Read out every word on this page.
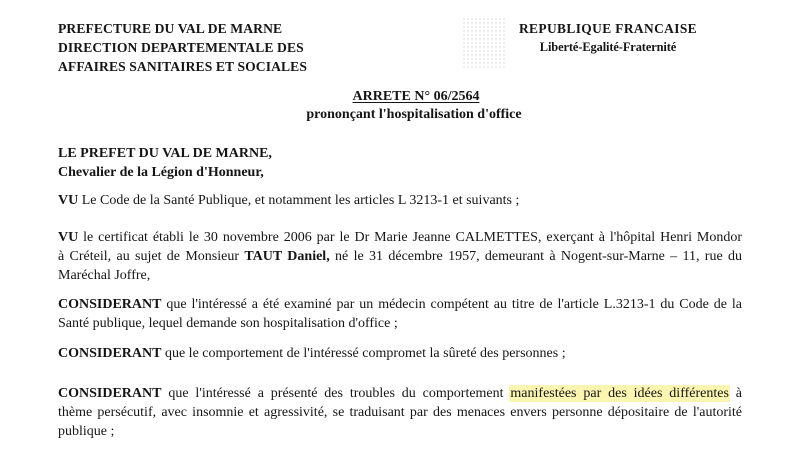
PREFECTURE DU VAL DE MARNE
DIRECTION DEPARTEMENTALE DES
AFFAIRES SANITAIRES ET SOCIALES
REPUBLIQUE FRANCAISE
Liberté-Egalité-Fraternité
ARRETE N° 06/2564
prononçant l'hospitalisation d'office
LE PREFET DU VAL DE MARNE,
Chevalier de la Légion d'Honneur,
VU Le Code de la Santé Publique, et notamment les articles L 3213-1 et suivants ;
VU le certificat établi le 30 novembre 2006 par le Dr Marie Jeanne CALMETTES, exerçant à l'hôpital Henri Mondor
à Créteil, au sujet de Monsieur TAUT Daniel, né le 31 décembre 1957, demeurant à Nogent-sur-Marne – 11, rue du
Maréchal Joffre,
CONSIDERANT que l'intéressé a été examiné par un médecin compétent au titre de l'article L.3213-1 du Code de la
Santé publique, lequel demande son hospitalisation d'office ;
CONSIDERANT que le comportement de l'intéressé compromet la sûreté des personnes ;
CONSIDERANT que l'intéressé a présenté des troubles du comportement manifestées par des idées différentes à
thème persécutif, avec insomnie et agressivité, se traduisant par des menaces envers personne dépositaire de l'autorité
publique ;
